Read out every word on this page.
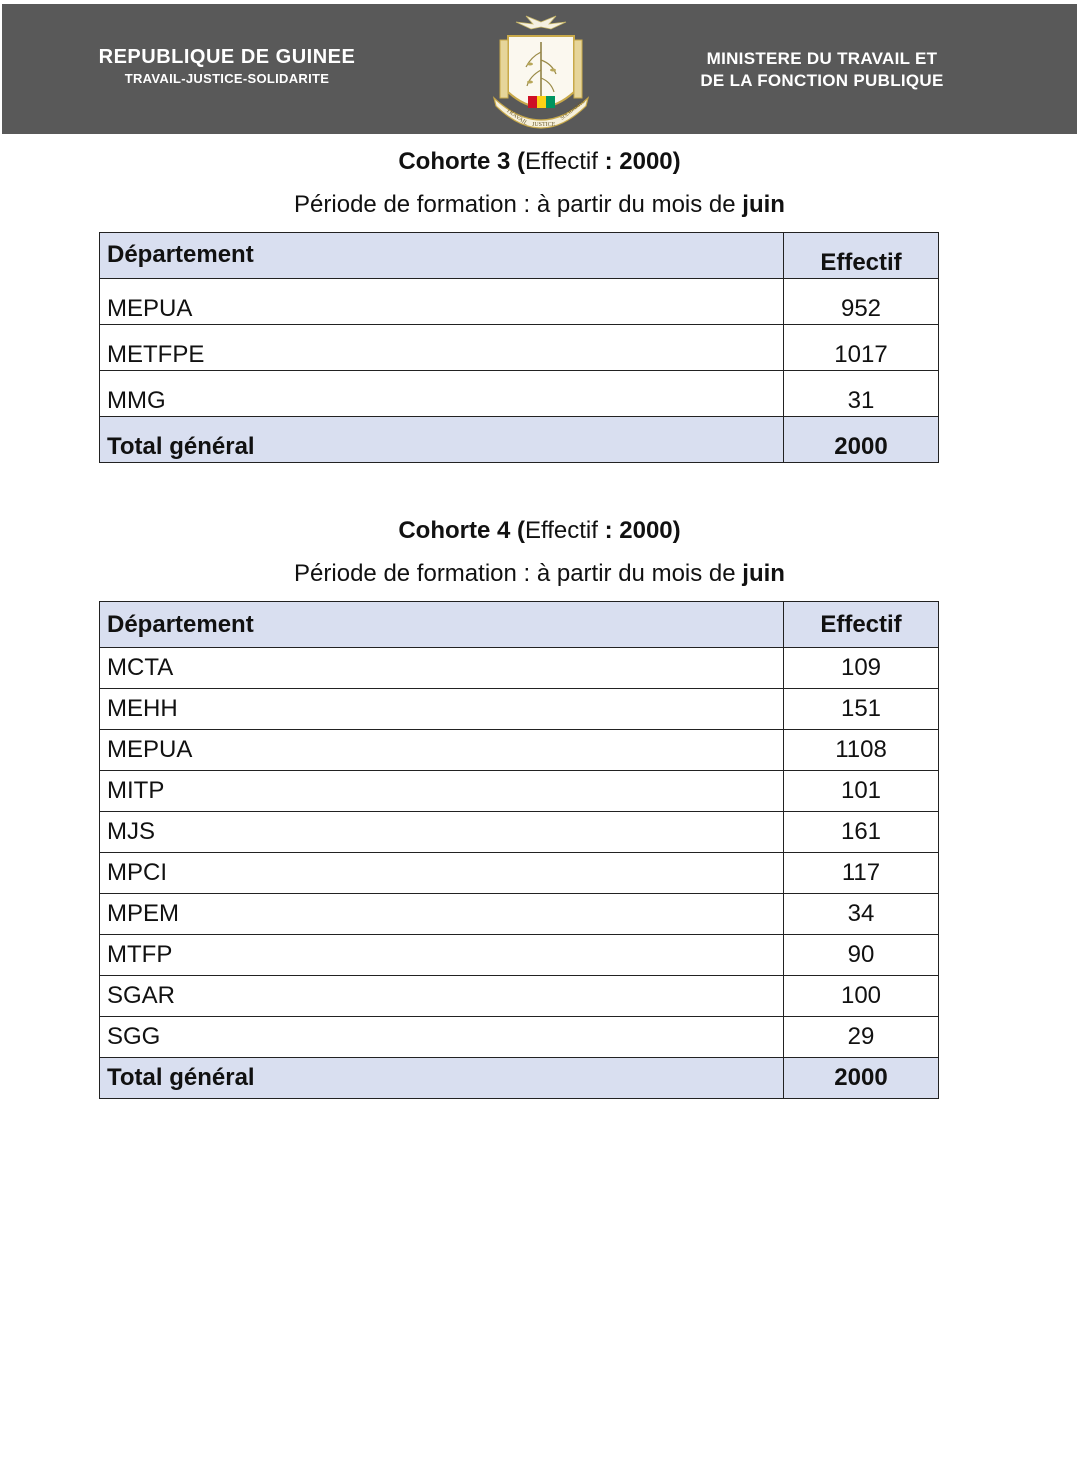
REPUBLIQUE DE GUINEE
TRAVAIL-JUSTICE-SOLIDARITE
TRAVAIL JUSTICE
SOLIDARITE
MINISTERE DU TRAVAIL ET
DE LA FONCTION PUBLIQUE
Cohorte 3 (Effectif : 2000)
Période de formation : à partir du mois de juin
Département	Effectif
MEPUA	952
METFPE	1017
MMG	31
Total général	2000
Cohorte 4 (Effectif : 2000)
Période de formation : à partir du mois de juin
Département	Effectif
MCTA	109
MEHH	151
MEPUA	1108
MITP	101
MJS	161
MPCI	117
MPEM	34
MTFP	90
SGAR	100
SGG	29
Total général	2000
